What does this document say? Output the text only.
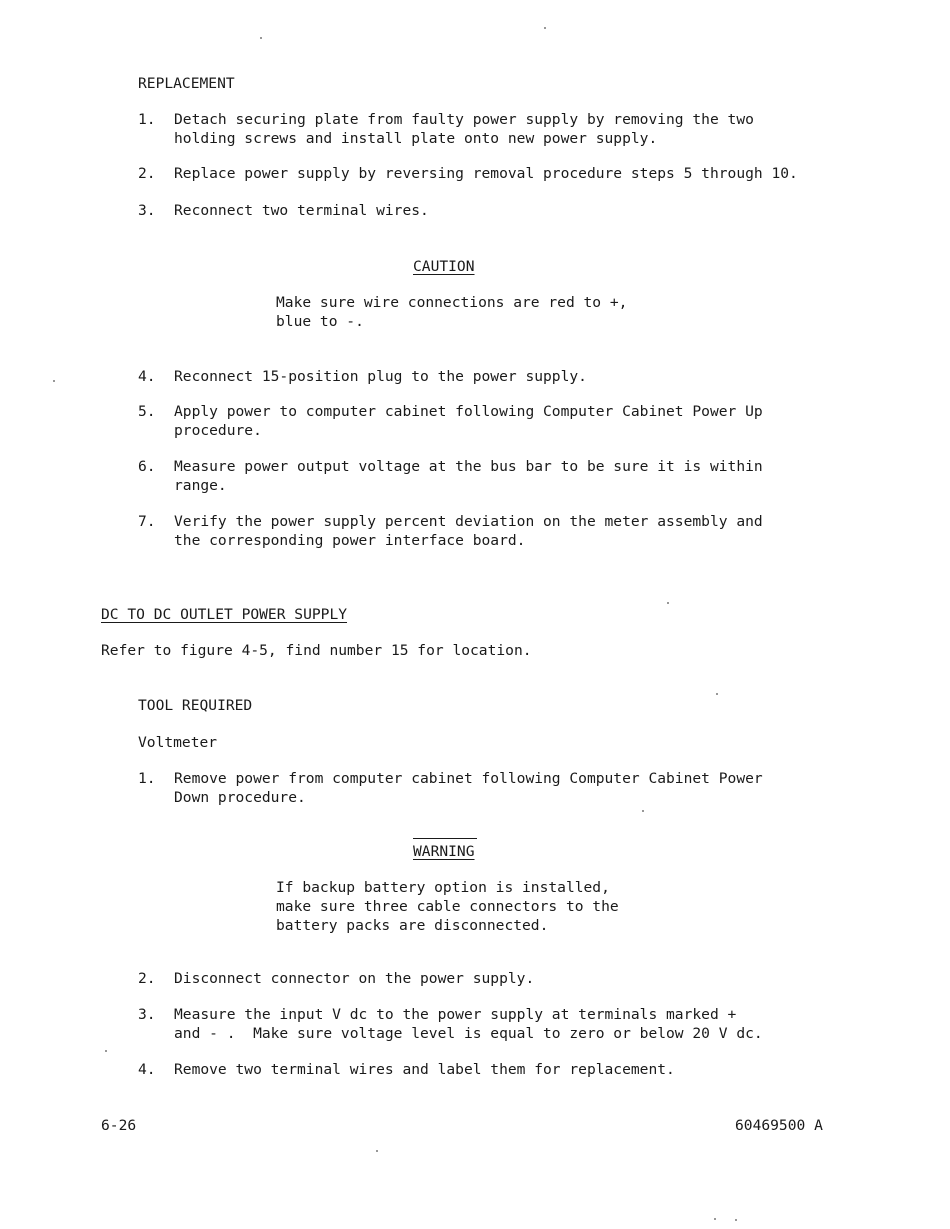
REPLACEMENT
1. Detach securing plate from faulty power supply by removing the two
holding screws and install plate onto new power supply.
2. Replace power supply by reversing removal procedure steps 5 through 10.
3. Reconnect two terminal wires.
CAUTION
Make sure wire connections are red to +,
blue to -.
4. Reconnect 15-position plug to the power supply.
5. Apply power to computer cabinet following Computer Cabinet Power Up
procedure.
6. Measure power output voltage at the bus bar to be sure it is within
range.
7. Verify the power supply percent deviation on the meter assembly and
the corresponding power interface board.
DC TO DC OUTLET POWER SUPPLY
Refer to figure 4-5, find number 15 for location.
TOOL REQUIRED
Voltmeter
1. Remove power from computer cabinet following Computer Cabinet Power
Down procedure.
WARNING
If backup battery option is installed,
make sure three cable connectors to the
battery packs are disconnected.
2. Disconnect connector on the power supply.
3. Measure the input V dc to the power supply at terminals marked +
and - .  Make sure voltage level is equal to zero or below 20 V dc.
4. Remove two terminal wires and label them for replacement.
6-26	60469500 A
